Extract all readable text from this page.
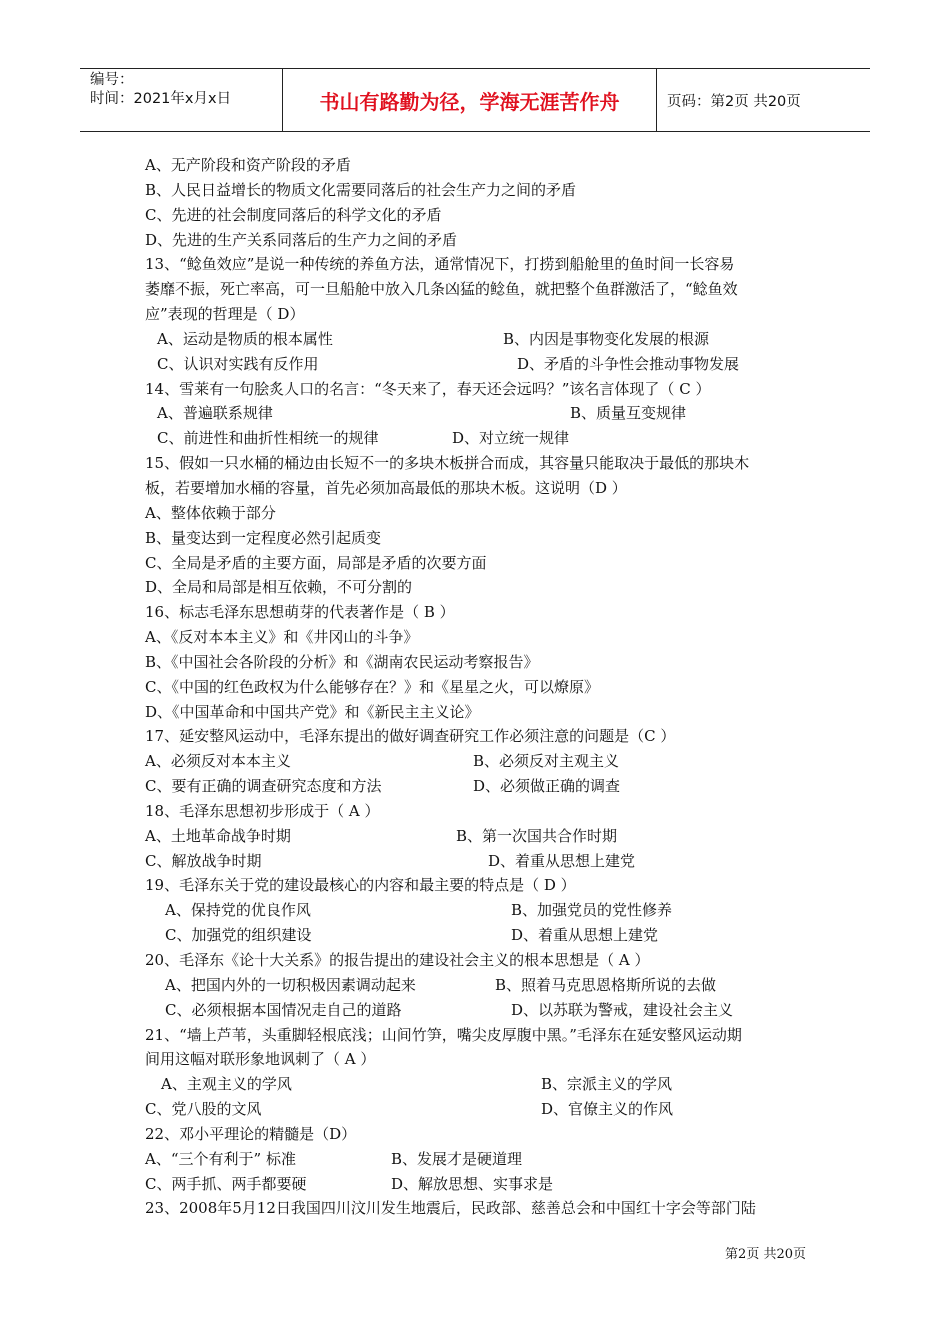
编号：
时间：2021年x月x日	书山有路勤为径，学海无涯苦作舟	页码：第2页 共20页
A、无产阶段和资产阶段的矛盾
B、人民日益增长的物质文化需要同落后的社会生产力之间的矛盾
C、先进的社会制度同落后的科学文化的矛盾
D、先进的生产关系同落后的生产力之间的矛盾
13、“鲶鱼效应”是说一种传统的养鱼方法，通常情况下，打捞到船舱里的鱼时间一长容易
萎靡不振，死亡率高，可一旦船舱中放入几条凶猛的鲶鱼，就把整个鱼群激活了，“鲶鱼效
应”表现的哲理是（ D）
A、运动是物质的根本属性	B、内因是事物变化发展的根源
C、认识对实践有反作用	D、矛盾的斗争性会推动事物发展
14、雪莱有一句脍炙人口的名言：“冬天来了，春天还会远吗？”该名言体现了（ C ）
A、普遍联系规律	B、质量互变规律
C、前进性和曲折性相统一的规律	D、对立统一规律
15、假如一只水桶的桶边由长短不一的多块木板拼合而成，其容量只能取决于最低的那块木
板，若要增加水桶的容量，首先必须加高最低的那块木板。这说明（D ）
A、整体依赖于部分
B、量变达到一定程度必然引起质变
C、全局是矛盾的主要方面，局部是矛盾的次要方面
D、全局和局部是相互依赖，不可分割的
16、标志毛泽东思想萌芽的代表著作是（ B ）
A、《反对本本主义》和《井冈山的斗争》
B、《中国社会各阶段的分析》和《湖南农民运动考察报告》
C、《中国的红色政权为什么能够存在？》和《星星之火，可以燎原》
D、《中国革命和中国共产党》和《新民主主义论》
17、延安整风运动中，毛泽东提出的做好调查研究工作必须注意的问题是（C ）
A、必须反对本本主义	B、必须反对主观主义
C、要有正确的调查研究态度和方法	D、必须做正确的调查
18、毛泽东思想初步形成于（ A ）
A、土地革命战争时期	B、第一次国共合作时期
C、解放战争时期	D、着重从思想上建党
19、毛泽东关于党的建设最核心的内容和最主要的特点是（ D ）
A、保持党的优良作风	B、加强党员的党性修养
C、加强党的组织建设	D、着重从思想上建党
20、毛泽东《论十大关系》的报告提出的建设社会主义的根本思想是（ A ）
A、把国内外的一切积极因素调动起来	B、照着马克思恩格斯所说的去做
C、必须根据本国情况走自己的道路	D、以苏联为警戒，建设社会主义
21、“墙上芦苇，头重脚轻根底浅；山间竹笋，嘴尖皮厚腹中黑。”毛泽东在延安整风运动期
间用这幅对联形象地讽刺了（ A ）
A、主观主义的学风	B、宗派主义的学风
C、党八股的文风	D、官僚主义的作风
22、邓小平理论的精髓是（D）
A、“三个有利于” 标准	B、发展才是硬道理
C、两手抓、两手都要硬	D、解放思想、实事求是
23、2008年5月12日我国四川汶川发生地震后，民政部、慈善总会和中国红十字会等部门陆
第2页 共20页
